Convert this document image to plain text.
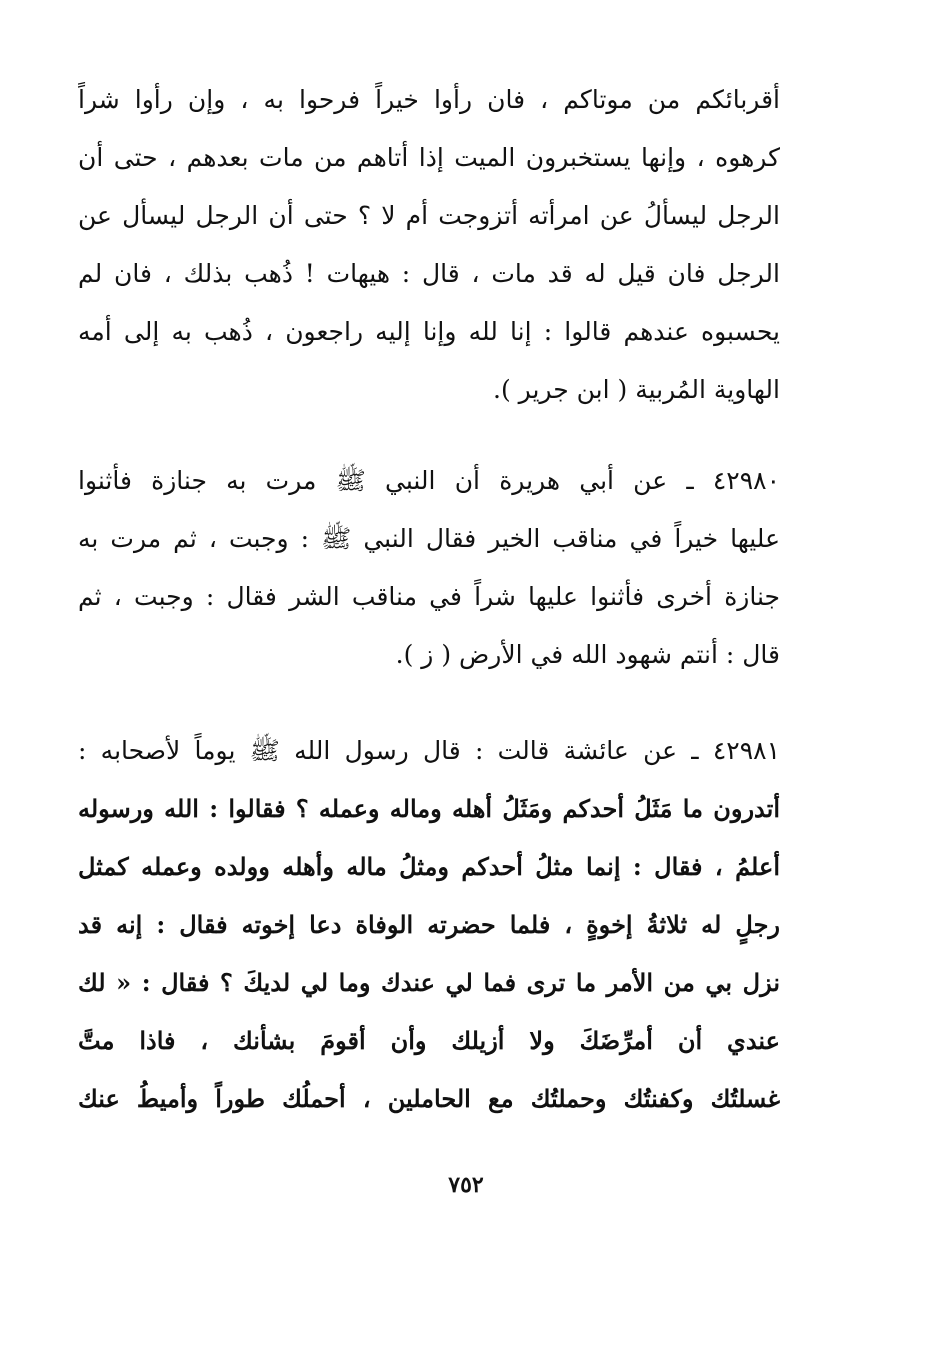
أقربائكم من موتاكم ، فان رأوا خيراً فرحوا به ، وإن رأوا شراً
كرهوه ، وإنها يستخبرون الميت إذا أتاهم من مات بعدهم ، حتى أن
الرجل ليسألُ عن امرأته أتزوجت أم لا ؟ حتى أن الرجل ليسأل عن
الرجل فان قيل له قد مات ، قال : هيهات ! ذُهب بذلك ، فان لم
يحسبوه عندهم قالوا : إنا لله وإنا إليه راجعون ، ذُهب به إلى أمه
الهاوية المُربية ( ابن جرير ).
٤٢٩٨٠ ـ عن أبي هريرة أن النبي ﷺ مرت به جنازة فأثنوا
عليها خيراً في مناقب الخير فقال النبي ﷺ : وجبت ، ثم مرت به
جنازة أخرى فأثنوا عليها شراً في مناقب الشر فقال : وجبت ، ثم
قال : أنتم شهود الله في الأرض ( ز ).
٤٢٩٨١ ـ عن عائشة قالت : قال رسول الله ﷺ يوماً لأصحابه :
أتدرون ما مَثَلُ أحدكم ومَثَلُ أهله وماله وعمله ؟ فقالوا : الله ورسوله
أعلمُ ، فقال : إنما مثلُ أحدكم ومثلُ ماله وأهله وولده وعمله كمثل
رجلٍ له ثلاثةُ إخوةٍ ، فلما حضرته الوفاة دعا إخوته فقال : إنه قد
نزل بي من الأمر ما ترى فما لي عندك وما لي لديكَ ؟ فقال : « لك
عندي أن أمرِّضَكَ ولا أزيلك وأن أقومَ بشأنك ، فاذا متَّ
غسلتُك وكفنتُك وحملتُك مع الحاملين ، أحملُك طوراً وأميطُ عنك
٧٥٢
